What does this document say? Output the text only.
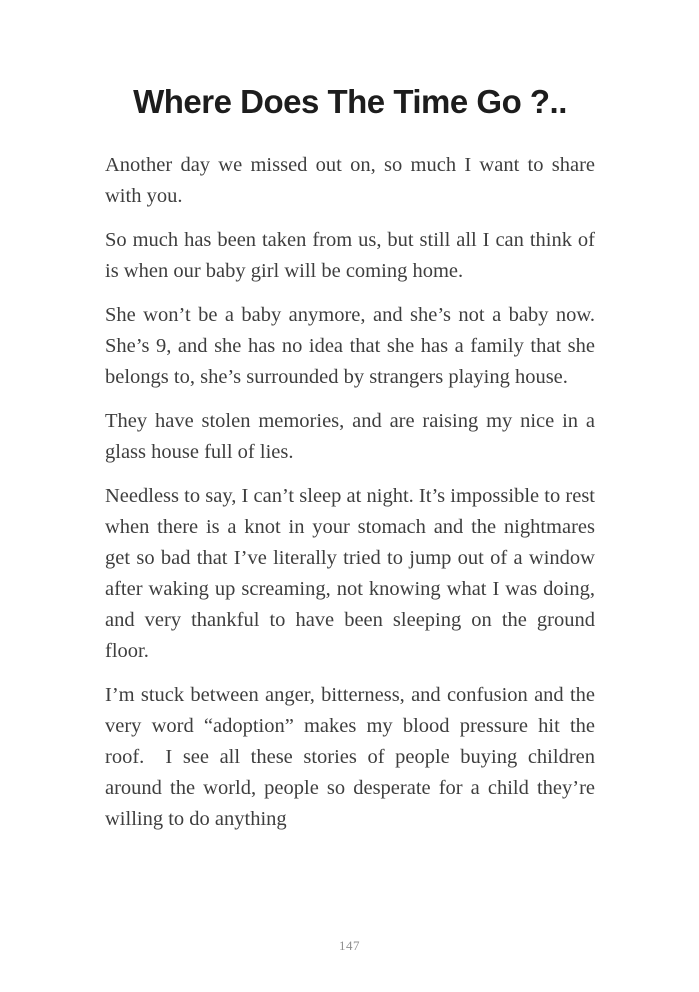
Where Does The Time Go ?..

Another day we missed out on, so much I want to share with you.

So much has been taken from us, but still all I can think of is when our baby girl will be coming home.

She won’t be a baby anymore, and she’s not a baby now. She’s 9, and she has no idea that she has a family that she belongs to, she’s surrounded by strangers playing house.

They have stolen memories, and are raising my nice in a glass house full of lies.

Needless to say, I can’t sleep at night. It’s impossible to rest when there is a knot in your stomach and the nightmares get so bad that I’ve literally tried to jump out of a window after waking up screaming, not knowing what I was doing, and very thankful to have been sleeping on the ground floor.

I’m stuck between anger, bitterness, and confusion and the very word “adoption” makes my blood pressure hit the roof.  I see all these stories of people buying children around the world, people so desperate for a child they’re willing to do anything

147
